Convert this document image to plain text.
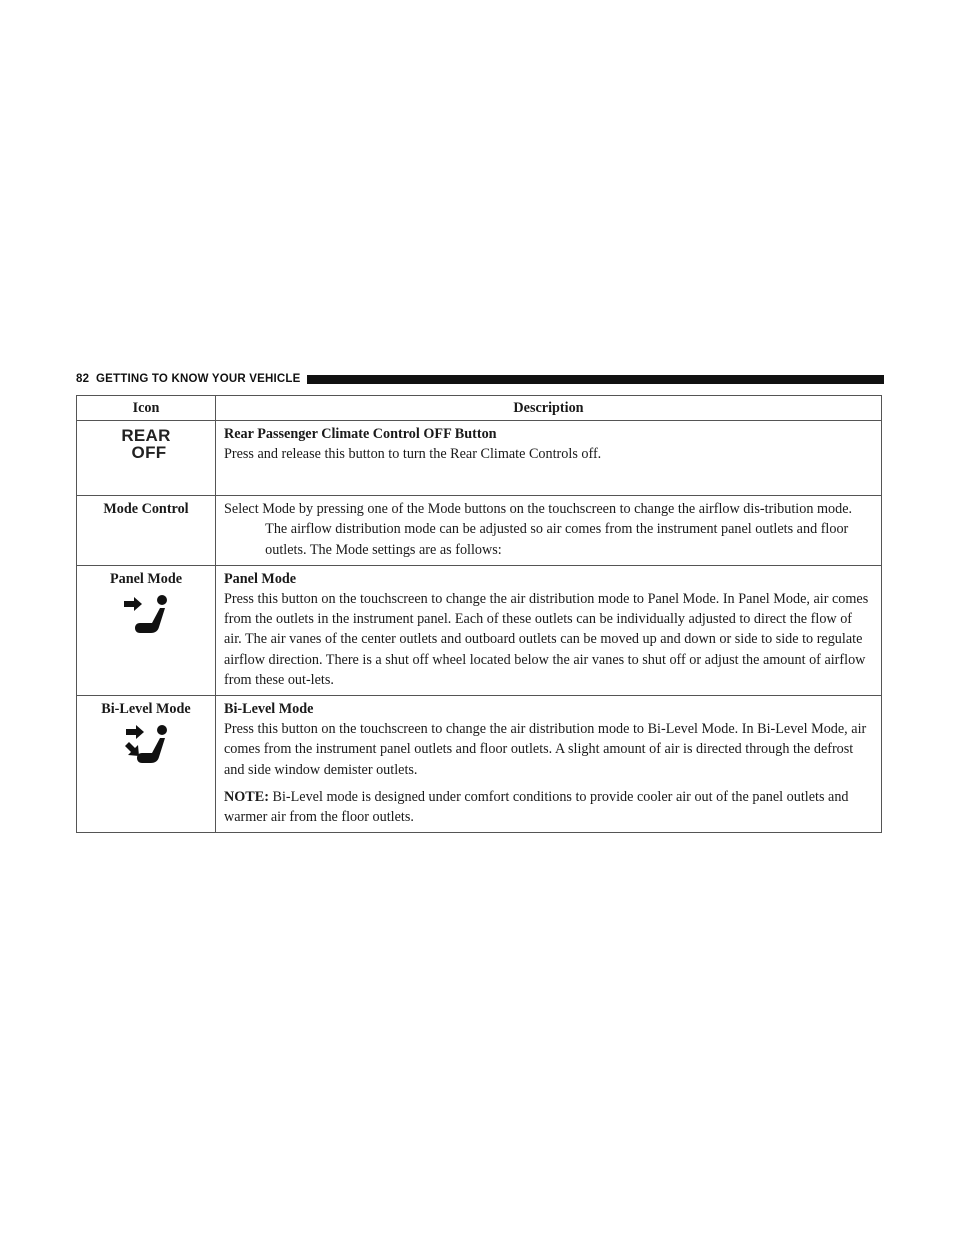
82 GETTING TO KNOW YOUR VEHICLE
Icon	Description

REAR
OFF	Rear Passenger Climate Control OFF Button
Press and release this button to turn the Rear Climate Controls off.

Mode Control	Select Mode by pressing one of the Mode buttons on the touchscreen to change the airflow dis-tribution mode. The airflow distribution mode can be adjusted so air comes from the instrument panel outlets and floor outlets. The Mode settings are as follows:

Panel Mode	Panel Mode
Press this button on the touchscreen to change the air distribution mode to Panel Mode. In Panel Mode, air comes from the outlets in the instrument panel. Each of these outlets can be individually adjusted to direct the flow of air. The air vanes of the center outlets and outboard outlets can be moved up and down or side to side to regulate airflow direction. There is a shut off wheel located below the air vanes to shut off or adjust the amount of airflow from these out-lets.

Bi-Level Mode	Bi-Level Mode
Press this button on the touchscreen to change the air distribution mode to Bi-Level Mode. In Bi-Level Mode, air comes from the instrument panel outlets and floor outlets. A slight amount of air is directed through the defrost and side window demister outlets.
NOTE: Bi-Level mode is designed under comfort conditions to provide cooler air out of the panel outlets and warmer air from the floor outlets.
